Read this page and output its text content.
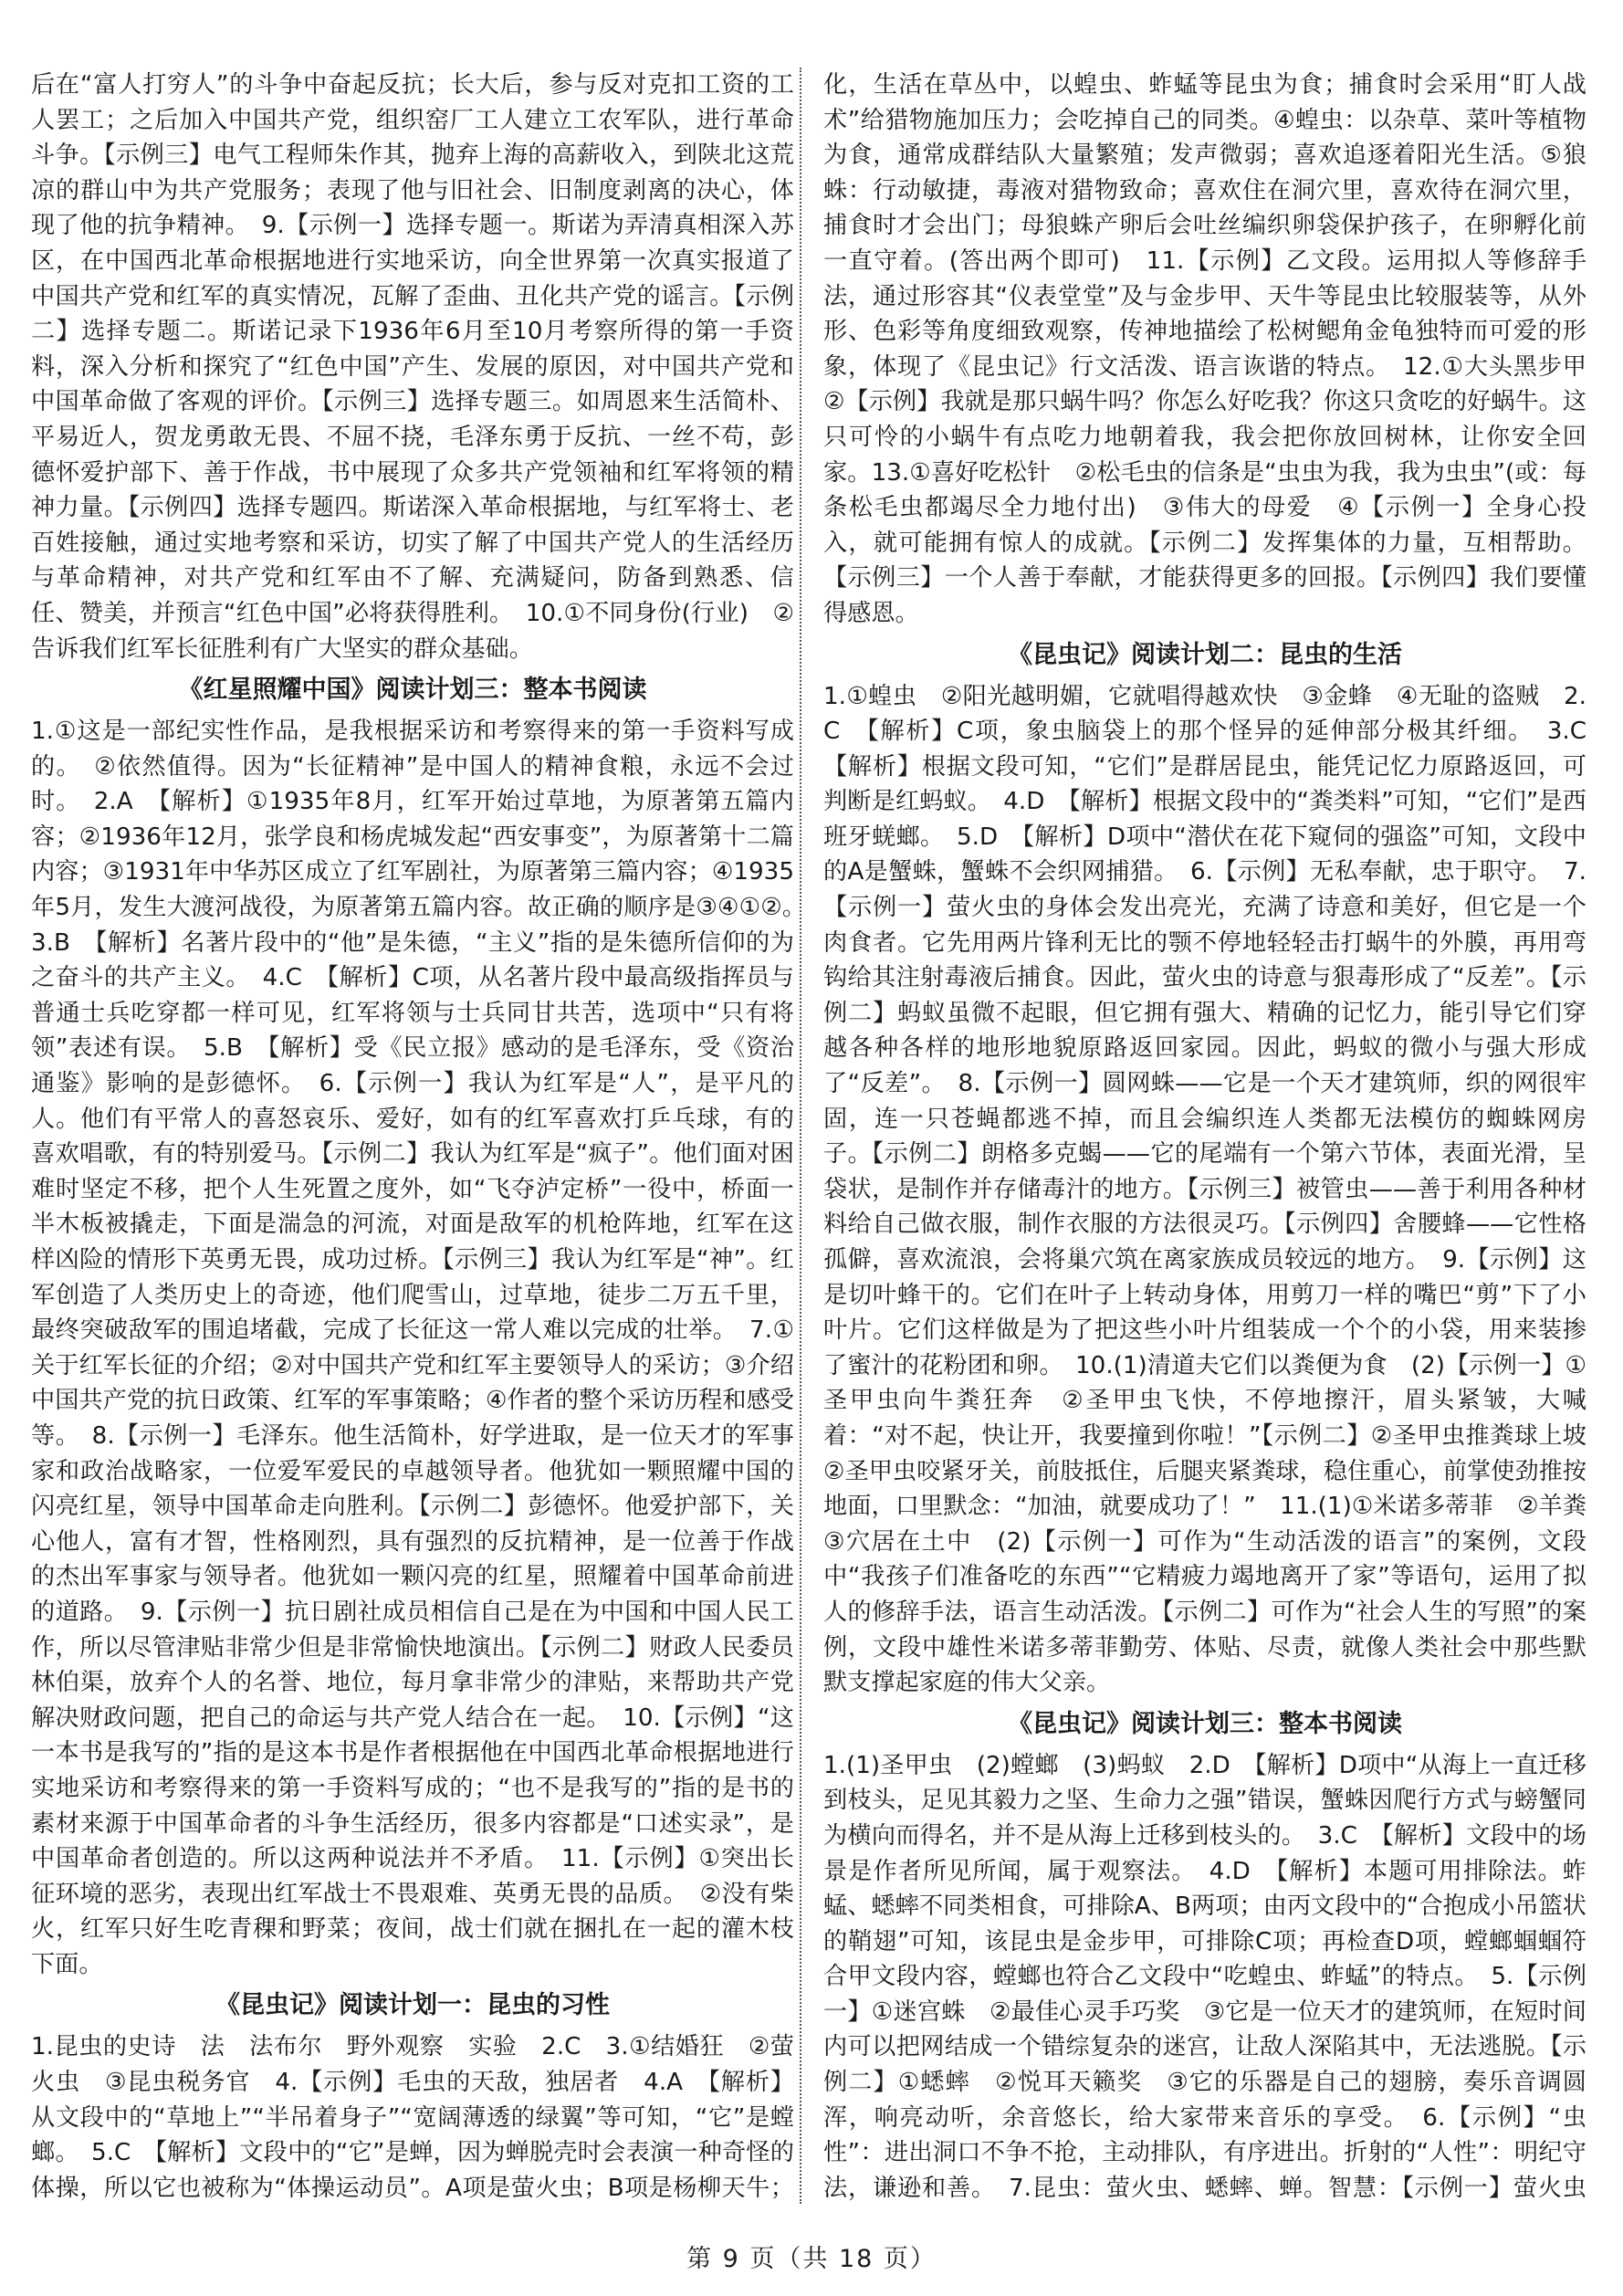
后在“富人打穷人”的斗争中奋起反抗；长大后，参与反对克扣工资的工人罢工；之后加入中国共产党，组织窑厂工人建立工农军队，进行革命斗争。【示例三】电气工程师朱作其，抛弃上海的高薪收入，到陕北这荒凉的群山中为共产党服务；表现了他与旧社会、旧制度剥离的决心，体现了他的抗争精神。　9.【示例一】选择专题一。斯诺为弄清真相深入苏区，在中国西北革命根据地进行实地采访，向全世界第一次真实报道了中国共产党和红军的真实情况，瓦解了歪曲、丑化共产党的谣言。【示例二】选择专题二。斯诺记录下1936年6月至10月考察所得的第一手资料，深入分析和探究了“红色中国”产生、发展的原因，对中国共产党和中国革命做了客观的评价。【示例三】选择专题三。如周恩来生活简朴、平易近人，贺龙勇敢无畏、不屈不挠，毛泽东勇于反抗、一丝不苟，彭德怀爱护部下、善于作战，书中展现了众多共产党领袖和红军将领的精神力量。【示例四】选择专题四。斯诺深入革命根据地，与红军将士、老百姓接触，通过实地考察和采访，切实了解了中国共产党人的生活经历与革命精神，对共产党和红军由不了解、充满疑问，防备到熟悉、信任、赞美，并预言“红色中国”必将获得胜利。　10.①不同身份(行业)　②告诉我们红军长征胜利有广大坚实的群众基础。

《红星照耀中国》阅读计划三：整本书阅读

1.①这是一部纪实性作品，是我根据采访和考察得来的第一手资料写成的。　②依然值得。因为“长征精神”是中国人的精神食粮，永远不会过时。　2.A　【解析】①1935年8月，红军开始过草地，为原著第五篇内容；②1936年12月，张学良和杨虎城发起“西安事变”，为原著第十二篇内容；③1931年中华苏区成立了红军剧社，为原著第三篇内容；④1935年5月，发生大渡河战役，为原著第五篇内容。故正确的顺序是③④①②。　3.B　【解析】名著片段中的“他”是朱德，“主义”指的是朱德所信仰的为之奋斗的共产主义。　4.C　【解析】C项，从名著片段中最高级指挥员与普通士兵吃穿都一样可见，红军将领与士兵同甘共苦，选项中“只有将领”表述有误。　5.B　【解析】受《民立报》感动的是毛泽东，受《资治通鉴》影响的是彭德怀。　6.【示例一】我认为红军是“人”，是平凡的人。他们有平常人的喜怒哀乐、爱好，如有的红军喜欢打乒乓球，有的喜欢唱歌，有的特别爱马。【示例二】我认为红军是“疯子”。他们面对困难时坚定不移，把个人生死置之度外，如“飞夺泸定桥”一役中，桥面一半木板被撬走，下面是湍急的河流，对面是敌军的机枪阵地，红军在这样凶险的情形下英勇无畏，成功过桥。【示例三】我认为红军是“神”。红军创造了人类历史上的奇迹，他们爬雪山，过草地，徒步二万五千里，最终突破敌军的围追堵截，完成了长征这一常人难以完成的壮举。　7.①关于红军长征的介绍；②对中国共产党和红军主要领导人的采访；③介绍中国共产党的抗日政策、红军的军事策略；④作者的整个采访历程和感受等。　8.【示例一】毛泽东。他生活简朴，好学进取，是一位天才的军事家和政治战略家，一位爱军爱民的卓越领导者。他犹如一颗照耀中国的闪亮红星，领导中国革命走向胜利。【示例二】彭德怀。他爱护部下，关心他人，富有才智，性格刚烈，具有强烈的反抗精神，是一位善于作战的杰出军事家与领导者。他犹如一颗闪亮的红星，照耀着中国革命前进的道路。　9.【示例一】抗日剧社成员相信自己是在为中国和中国人民工作，所以尽管津贴非常少但是非常愉快地演出。【示例二】财政人民委员林伯渠，放弃个人的名誉、地位，每月拿非常少的津贴，来帮助共产党解决财政问题，把自己的命运与共产党人结合在一起。　10.【示例】“这一本书是我写的”指的是这本书是作者根据他在中国西北革命根据地进行实地采访和考察得来的第一手资料写成的；“也不是我写的”指的是书的素材来源于中国革命者的斗争生活经历，很多内容都是“口述实录”，是中国革命者创造的。所以这两种说法并不矛盾。　11.【示例】①突出长征环境的恶劣，表现出红军战士不畏艰难、英勇无畏的品质。　②没有柴火，红军只好生吃青稞和野菜；夜间，战士们就在捆扎在一起的灌木枝下面。

《昆虫记》阅读计划一：昆虫的习性

1.昆虫的史诗　法　法布尔　野外观察　实验　2.C　3.①结婚狂　②萤火虫　③昆虫税务官　4.【示例】毛虫的天敌，独居者　4.A　【解析】从文段中的“草地上”“半吊着身子”“宽阔薄透的绿翼”等可知，“它”是螳螂。　5.C　【解析】文段中的“它”是蝉，因为蝉脱壳时会表演一种奇怪的体操，所以它也被称为“体操运动员”。A项是萤火虫；B项是杨柳天牛；　　　　　

化，生活在草丛中，以蝗虫、蚱蜢等昆虫为食；捕食时会采用“盯人战术”给猎物施加压力；会吃掉自己的同类。④蝗虫：以杂草、菜叶等植物为食，通常成群结队大量繁殖；发声微弱；喜欢追逐着阳光生活。⑤狼蛛：行动敏捷，毒液对猎物致命；喜欢住在洞穴里，喜欢待在洞穴里，捕食时才会出门；母狼蛛产卵后会吐丝编织卵袋保护孩子，在卵孵化前一直守着。(答出两个即可)　11.【示例】乙文段。运用拟人等修辞手法，通过形容其“仪表堂堂”及与金步甲、天牛等昆虫比较服装等，从外形、色彩等角度细致观察，传神地描绘了松树鳃角金龟独特而可爱的形象，体现了《昆虫记》行文活泼、语言诙谐的特点。　12.①大头黑步甲　②【示例】我就是那只蜗牛吗？你怎么好吃我？你这只贪吃的好蜗牛。这只可怜的小蜗牛有点吃力地朝着我，我会把你放回树林，让你安全回家。13.①喜好吃松针　②松毛虫的信条是“虫虫为我，我为虫虫”(或：每条松毛虫都竭尽全力地付出)　③伟大的母爱　④【示例一】全身心投入，就可能拥有惊人的成就。【示例二】发挥集体的力量，互相帮助。【示例三】一个人善于奉献，才能获得更多的回报。【示例四】我们要懂得感恩。

《昆虫记》阅读计划二：昆虫的生活

1.①蝗虫　②阳光越明媚，它就唱得越欢快　③金蜂　④无耻的盗贼　2.C　【解析】C项，象虫脑袋上的那个怪异的延伸部分极其纤细。　3.C　【解析】根据文段可知，“它们”是群居昆虫，能凭记忆力原路返回，可判断是红蚂蚁。　4.D　【解析】根据文段中的“粪类料”可知，“它们”是西班牙蜣螂。　5.D　【解析】D项中“潜伏在花下窥伺的强盗”可知，文段中的A是蟹蛛，蟹蛛不会织网捕猎。　6.【示例】无私奉献，忠于职守。　7.【示例一】萤火虫的身体会发出亮光，充满了诗意和美好，但它是一个肉食者。它先用两片锋利无比的颚不停地轻轻击打蜗牛的外膜，再用弯钩给其注射毒液后捕食。因此，萤火虫的诗意与狠毒形成了“反差”。【示例二】蚂蚁虽微不起眼，但它拥有强大、精确的记忆力，能引导它们穿越各种各样的地形地貌原路返回家园。因此，蚂蚁的微小与强大形成了“反差”。　8.【示例一】圆网蛛——它是一个天才建筑师，织的网很牢固，连一只苍蝇都逃不掉，而且会编织连人类都无法模仿的蜘蛛网房子。【示例二】朗格多克蝎——它的尾端有一个第六节体，表面光滑，呈袋状，是制作并存储毒汁的地方。【示例三】被管虫——善于利用各种材料给自己做衣服，制作衣服的方法很灵巧。【示例四】舍腰蜂——它性格孤僻，喜欢流浪，会将巢穴筑在离家族成员较远的地方。　9.【示例】这是切叶蜂干的。它们在叶子上转动身体，用剪刀一样的嘴巴“剪”下了小叶片。它们这样做是为了把这些小叶片组装成一个个的小袋，用来装掺了蜜汁的花粉团和卵。　10.(1)清道夫它们以粪便为食　(2)【示例一】①圣甲虫向牛粪狂奔　②圣甲虫飞快，不停地擦汗，眉头紧皱，大喊着：“对不起，快让开，我要撞到你啦！”【示例二】②圣甲虫推粪球上坡　②圣甲虫咬紧牙关，前肢抵住，后腿夹紧粪球，稳住重心，前掌使劲推按地面，口里默念：“加油，就要成功了！”　11.(1)①米诺多蒂菲　②羊粪　③穴居在土中　(2)【示例一】可作为“生动活泼的语言”的案例，文段中“我孩子们准备吃的东西”“它精疲力竭地离开了家”等语句，运用了拟人的修辞手法，语言生动活泼。【示例二】可作为“社会人生的写照”的案例，文段中雄性米诺多蒂菲勤劳、体贴、尽责，就像人类社会中那些默默支撑起家庭的伟大父亲。

《昆虫记》阅读计划三：整本书阅读

1.(1)圣甲虫　(2)螳螂　(3)蚂蚁　2.D　【解析】D项中“从海上一直迁移到枝头，足见其毅力之坚、生命力之强”错误，蟹蛛因爬行方式与螃蟹同为横向而得名，并不是从海上迁移到枝头的。　3.C　【解析】文段中的场景是作者所见所闻，属于观察法。　4.D　【解析】本题可用排除法。蚱蜢、蟋蟀不同类相食，可排除A、B两项；由丙文段中的“合抱成小吊篮状的鞘翅”可知，该昆虫是金步甲，可排除C项；再检查D项，螳螂蝈蝈符合甲文段内容，螳螂也符合乙文段中“吃蝗虫、蚱蜢”的特点。　5.【示例一】①迷宫蛛　②最佳心灵手巧奖　③它是一位天才的建筑师，在短时间内可以把网结成一个错综复杂的迷宫，让敌人深陷其中，无法逃脱。【示例二】①蟋蟀　②悦耳天籁奖　③它的乐器是自己的翅膀，奏乐音调圆浑，响亮动听，余音悠长，给大家带来音乐的享受。　6.【示例】“虫性”：进出洞口不争不抢，主动排队，有序进出。折射的“人性”：明纪守法，谦逊和善。　7.昆虫：萤火虫、蟋蟀、蝉。智慧：【示例一】萤火虫　　　　　　　

第 9 页（共 18 页）
